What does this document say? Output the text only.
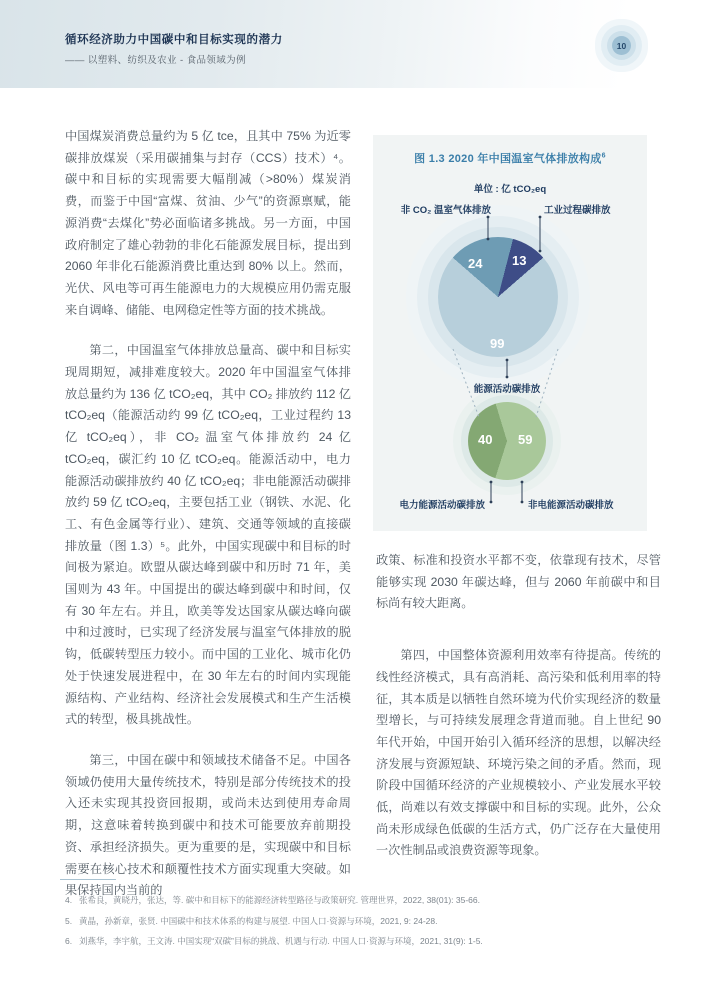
循环经济助力中国碳中和目标实现的潜力
—— 以塑料、纺织及农业 - 食品领域为例
10

中国煤炭消费总量约为 5 亿 tce，且其中 75% 为近零碳排放煤炭（采用碳捕集与封存（CCS）技术）⁴。碳中和目标的实现需要大幅削减（>80%）煤炭消费，而鉴于中国“富煤、贫油、少气”的资源禀赋，能源消费“去煤化”势必面临诸多挑战。另一方面，中国政府制定了雄心勃勃的非化石能源发展目标，提出到 2060 年非化石能源消费比重达到 80% 以上。然而，光伏、风电等可再生能源电力的大规模应用仍需克服来自调峰、储能、电网稳定性等方面的技术挑战。

第二，中国温室气体排放总量高、碳中和目标实现周期短，减排难度较大。2020 年中国温室气体排放总量约为 136 亿 tCO₂eq，其中 CO₂ 排放约 112 亿 tCO₂eq（能源活动约 99 亿 tCO₂eq，工业过程约 13 亿 tCO₂eq），非 CO₂ 温室气体排放约 24 亿 tCO₂eq，碳汇约 10 亿 tCO₂eq。能源活动中，电力能源活动碳排放约 40 亿 tCO₂eq；非电能源活动碳排放约 59 亿 tCO₂eq，主要包括工业（钢铁、水泥、化工、有色金属等行业）、建筑、交通等领域的直接碳排放量（图 1.3）⁵。此外，中国实现碳中和目标的时间极为紧迫。欧盟从碳达峰到碳中和历时 71 年，美国则为 43 年。中国提出的碳达峰到碳中和时间，仅有 30 年左右。并且，欧美等发达国家从碳达峰向碳中和过渡时，已实现了经济发展与温室气体排放的脱钩，低碳转型压力较小。而中国的工业化、城市化仍处于快速发展进程中，在 30 年左右的时间内实现能源结构、产业结构、经济社会发展模式和生产生活模式的转型，极具挑战性。

第三，中国在碳中和领域技术储备不足。中国各领域仍使用大量传统技术，特别是部分传统技术的投入还未实现其投资回报期，或尚未达到使用寿命周期，这意味着转换到碳中和技术可能要放弃前期投资、承担经济损失。更为重要的是，实现碳中和目标需要在核心技术和颠覆性技术方面实现重大突破。如果保持国内当前的

图 1.3 2020 年中国温室气体排放构成$^6$
单位 : 亿 tCO₂eq
非 CO₂ 温室气体排放	工业过程碳排放
24 13
99
能源活动碳排放
40 59
电力能源活动碳排放	非电能源活动碳排放

政策、标准和投资水平都不变，依靠现有技术，尽管能够实现 2030 年碳达峰，但与 2060 年前碳中和目标尚有较大距离。

第四，中国整体资源利用效率有待提高。传统的线性经济模式，具有高消耗、高污染和低利用率的特征，其本质是以牺牲自然环境为代价实现经济的数量型增长，与可持续发展理念背道而驰。自上世纪 90 年代开始，中国开始引入循环经济的思想，以解决经济发展与资源短缺、环境污染之间的矛盾。然而，现阶段中国循环经济的产业规模较小、产业发展水平较低，尚难以有效支撑碳中和目标的实现。此外，公众尚未形成绿色低碳的生活方式，仍广泛存在大量使用一次性制品或浪费资源等现象。

4. 张希良，黄晓丹，张达，等. 碳中和目标下的能源经济转型路径与政策研究. 管理世界，2022, 38(01): 35-66.
5. 黄晶，孙新章，张贤. 中国碳中和技术体系的构建与展望. 中国人口·资源与环境，2021, 9: 24-28.
6. 刘燕华，李宇航，王文涛. 中国实现“双碳”目标的挑战、机遇与行动. 中国人口·资源与环境，2021, 31(9): 1-5.
